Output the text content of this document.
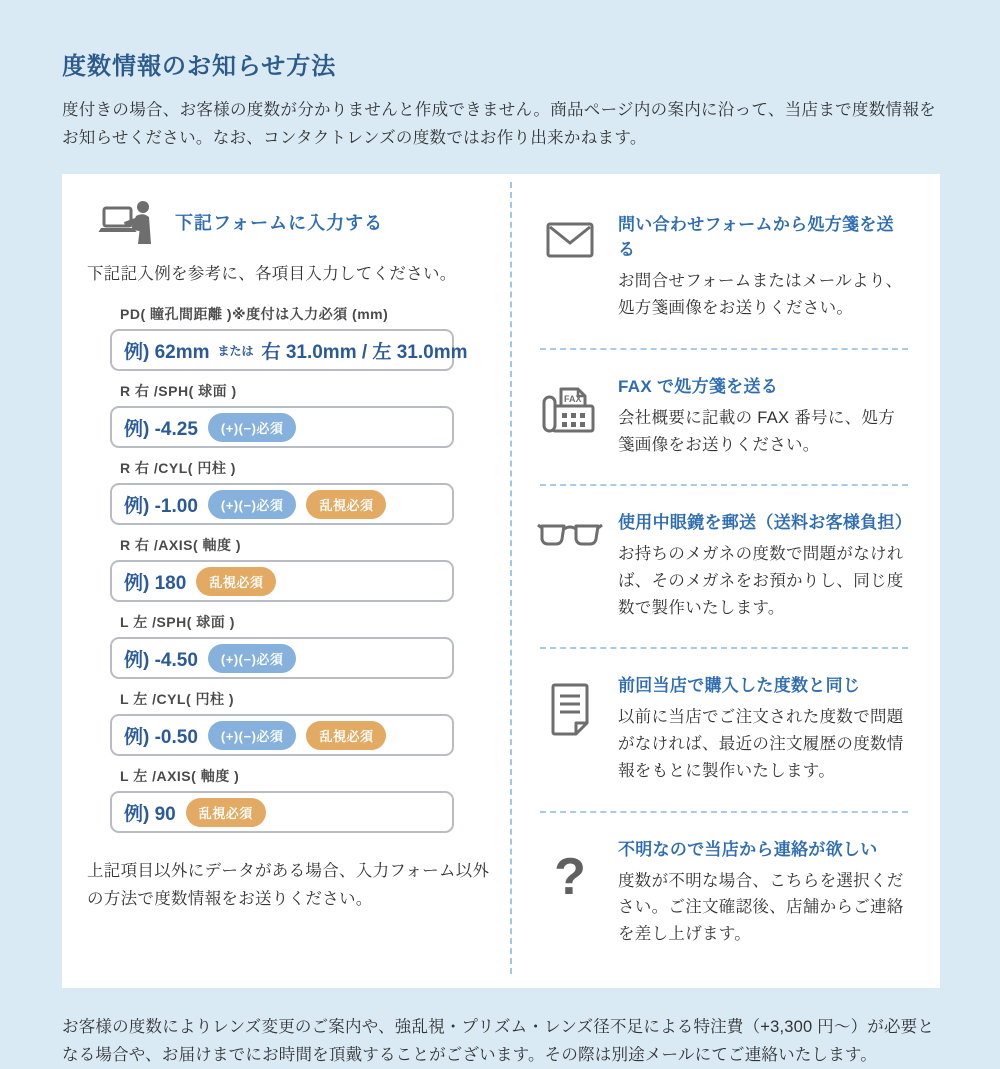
度数情報のお知らせ方法

度付きの場合、お客様の度数が分かりませんと作成できません。商品ページ内の案内に沿って、当店まで度数情報をお知らせください。なお、コンタクトレンズの度数ではお作り出来かねます。

下記フォームに入力する

下記記入例を参考に、各項目入力してください。

PD( 瞳孔間距離 )※度付は入力必須 (mm)
例) 62mm または 右 31.0mm / 左 31.0mm
R 右 /SPH( 球面 )
例) -4.25	(+)(−)必須
R 右 /CYL( 円柱 )
例) -1.00	(+)(−)必須	乱視必須
R 右 /AXIS( 軸度 )
例) 180	乱視必須
L 左 /SPH( 球面 )
例) -4.50	(+)(−)必須
L 左 /CYL( 円柱 )
例) -0.50	(+)(−)必須	乱視必須
L 左 /AXIS( 軸度 )
例) 90	乱視必須

上記項目以外にデータがある場合、入力フォーム以外の方法で度数情報をお送りください。

問い合わせフォームから処方箋を送る

お問合せフォームまたはメールより、処方箋画像をお送りください。

FAX
FAX で処方箋を送る

会社概要に記載の FAX 番号に、処方箋画像をお送りください。

使用中眼鏡を郵送（送料お客様負担）

お持ちのメガネの度数で問題がなければ、そのメガネをお預かりし、同じ度数で製作いたします。

前回当店で購入した度数と同じ

以前に当店でご注文された度数で問題がなければ、最近の注文履歴の度数情報をもとに製作いたします。

? 不明なので当店から連絡が欲しい

度数が不明な場合、こちらを選択ください。ご注文確認後、店舗からご連絡を差し上げます。

お客様の度数によりレンズ変更のご案内や、強乱視・プリズム・レンズ径不足による特注費（+3,300 円〜）が必要となる場合や、お届けまでにお時間を頂戴することがございます。その際は別途メールにてご連絡いたします。
